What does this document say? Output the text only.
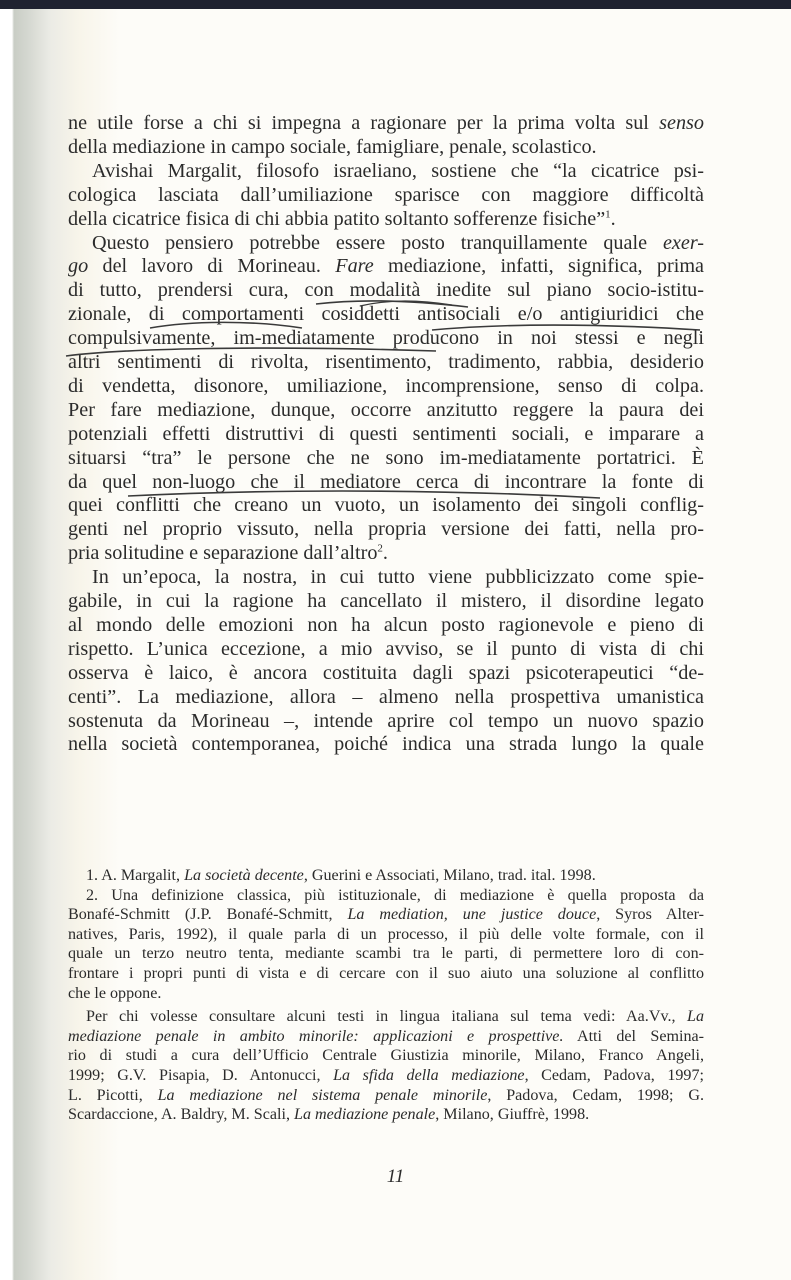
ne utile forse a chi si impegna a ragionare per la prima volta sul senso
della mediazione in campo sociale, famigliare, penale, scolastico.
Avishai Margalit, filosofo israeliano, sostiene che “la cicatrice psi-
cologica lasciata dall’umiliazione sparisce con maggiore difficoltà
della cicatrice fisica di chi abbia patito soltanto sofferenze fisiche”$^1$.
Questo pensiero potrebbe essere posto tranquillamente quale exer-
go del lavoro di Morineau. Fare mediazione, infatti, significa, prima
di tutto, prendersi cura, con modalità inedite sul piano socio-istitu-
zionale, di comportamenti cosiddetti antisociali e/o antigiuridici che
compulsivamente, im-mediatamente producono in noi stessi e negli
altri sentimenti di rivolta, risentimento, tradimento, rabbia, desiderio
di vendetta, disonore, umiliazione, incomprensione, senso di colpa.
Per fare mediazione, dunque, occorre anzitutto reggere la paura dei
potenziali effetti distruttivi di questi sentimenti sociali, e imparare a
situarsi “tra” le persone che ne sono im-mediatamente portatrici. È
da quel non-luogo che il mediatore cerca di incontrare la fonte di
quei conflitti che creano un vuoto, un isolamento dei singoli conflig-
genti nel proprio vissuto, nella propria versione dei fatti, nella pro-
pria solitudine e separazione dall’altro$^2$.
In un’epoca, la nostra, in cui tutto viene pubblicizzato come spie-
gabile, in cui la ragione ha cancellato il mistero, il disordine legato
al mondo delle emozioni non ha alcun posto ragionevole e pieno di
rispetto. L’unica eccezione, a mio avviso, se il punto di vista di chi
osserva è laico, è ancora costituita dagli spazi psicoterapeutici “de-
centi”. La mediazione, allora – almeno nella prospettiva umanistica
sostenuta da Morineau –, intende aprire col tempo un nuovo spazio
nella società contemporanea, poiché indica una strada lungo la quale
1. A. Margalit, La società decente, Guerini e Associati, Milano, trad. ital. 1998.
2. Una definizione classica, più istituzionale, di mediazione è quella proposta da
Bonafé-Schmitt (J.P. Bonafé-Schmitt, La mediation, une justice douce, Syros Alter-
natives, Paris, 1992), il quale parla di un processo, il più delle volte formale, con il
quale un terzo neutro tenta, mediante scambi tra le parti, di permettere loro di con-
frontare i propri punti di vista e di cercare con il suo aiuto una soluzione al conflitto
che le oppone.
Per chi volesse consultare alcuni testi in lingua italiana sul tema vedi: Aa.Vv., La
mediazione penale in ambito minorile: applicazioni e prospettive. Atti del Semina-
rio di studi a cura dell’Ufficio Centrale Giustizia minorile, Milano, Franco Angeli,
1999; G.V. Pisapia, D. Antonucci, La sfida della mediazione, Cedam, Padova, 1997;
L. Picotti, La mediazione nel sistema penale minorile, Padova, Cedam, 1998; G.
Scardaccione, A. Baldry, M. Scali, La mediazione penale, Milano, Giuffrè, 1998.
11
